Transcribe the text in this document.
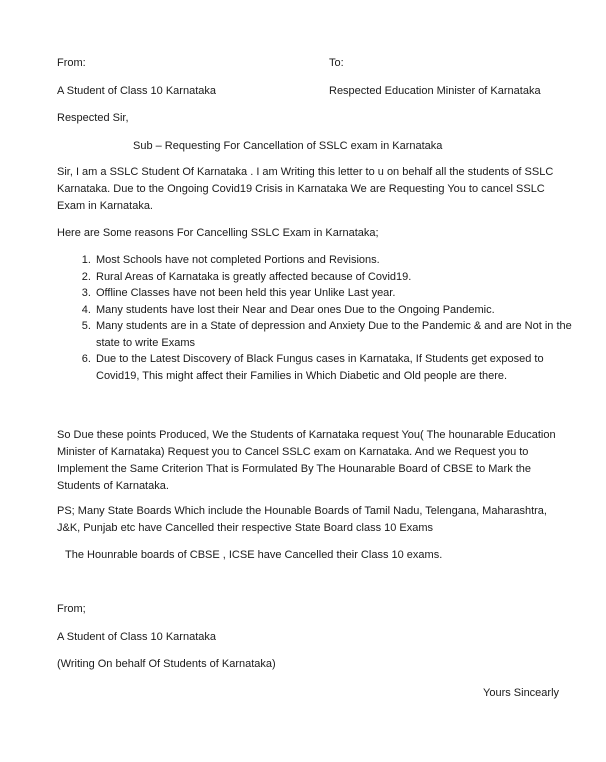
From:	To:
A Student of Class 10 Karnataka	Respected Education Minister of Karnataka
Respected Sir,
Sub – Requesting For Cancellation of SSLC exam in Karnataka
Sir, I am a SSLC Student Of Karnataka . I am Writing this letter to u on behalf all the students of SSLC Karnataka. Due to the Ongoing Covid19 Crisis in Karnataka We are Requesting You to cancel SSLC Exam in Karnataka.
Here are Some reasons For Cancelling SSLC Exam in Karnataka;
1. Most Schools have not completed Portions and Revisions.
2. Rural Areas of Karnataka is greatly affected because of Covid19.
3. Offline Classes have not been held this year Unlike Last year.
4. Many students have lost their Near and Dear ones Due to the Ongoing Pandemic.
5. Many students are in a State of depression and Anxiety Due to the Pandemic & and are Not in the state to write Exams
6. Due to the Latest Discovery of Black Fungus cases in Karnataka, If Students get exposed to Covid19, This might affect their Families in Which Diabetic and Old people are there.
So Due these points Produced, We the Students of Karnataka request You( The hounarable Education Minister of Karnataka) Request you to Cancel SSLC exam on Karnataka. And we Request you to Implement the Same Criterion That is Formulated By The Hounarable Board of CBSE to Mark the Students of Karnataka.
PS; Many State Boards Which include the Hounable Boards of Tamil Nadu, Telengana, Maharashtra, J&K, Punjab etc have Cancelled their respective State Board class 10 Exams
The Hounrable boards of CBSE , ICSE have Cancelled their Class 10 exams.
From;
A Student of Class 10 Karnataka
(Writing On behalf Of Students of Karnataka)
Yours Sincearly
